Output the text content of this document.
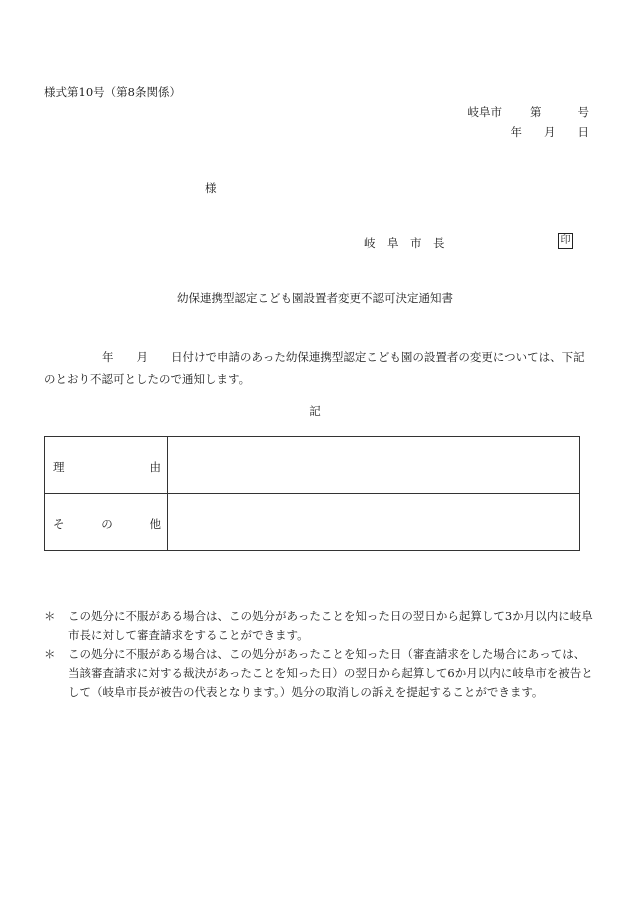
様式第10号（第8条関係）
岐阜市 第	号
年 月 日
様
岐　阜　市　長	印
幼保連携型認定こども園設置者変更不認可決定通知書
年　　月　　日付けで申請のあった幼保連携型認定こども園の設置者の変更については、下記のとおり不認可としたので通知します。
記
理 由	

そ の 他	

＊ この処分に不服がある場合は、この処分があったことを知った日の翌日から起算して3か月以内に岐阜市長に対して審査請求をすることができます。
＊ この処分に不服がある場合は、この処分があったことを知った日（審査請求をした場合にあっては、当該審査請求に対する裁決があったことを知った日）の翌日から起算して6か月以内に岐阜市を被告として（岐阜市長が被告の代表となります。）処分の取消しの訴えを提起することができます。
